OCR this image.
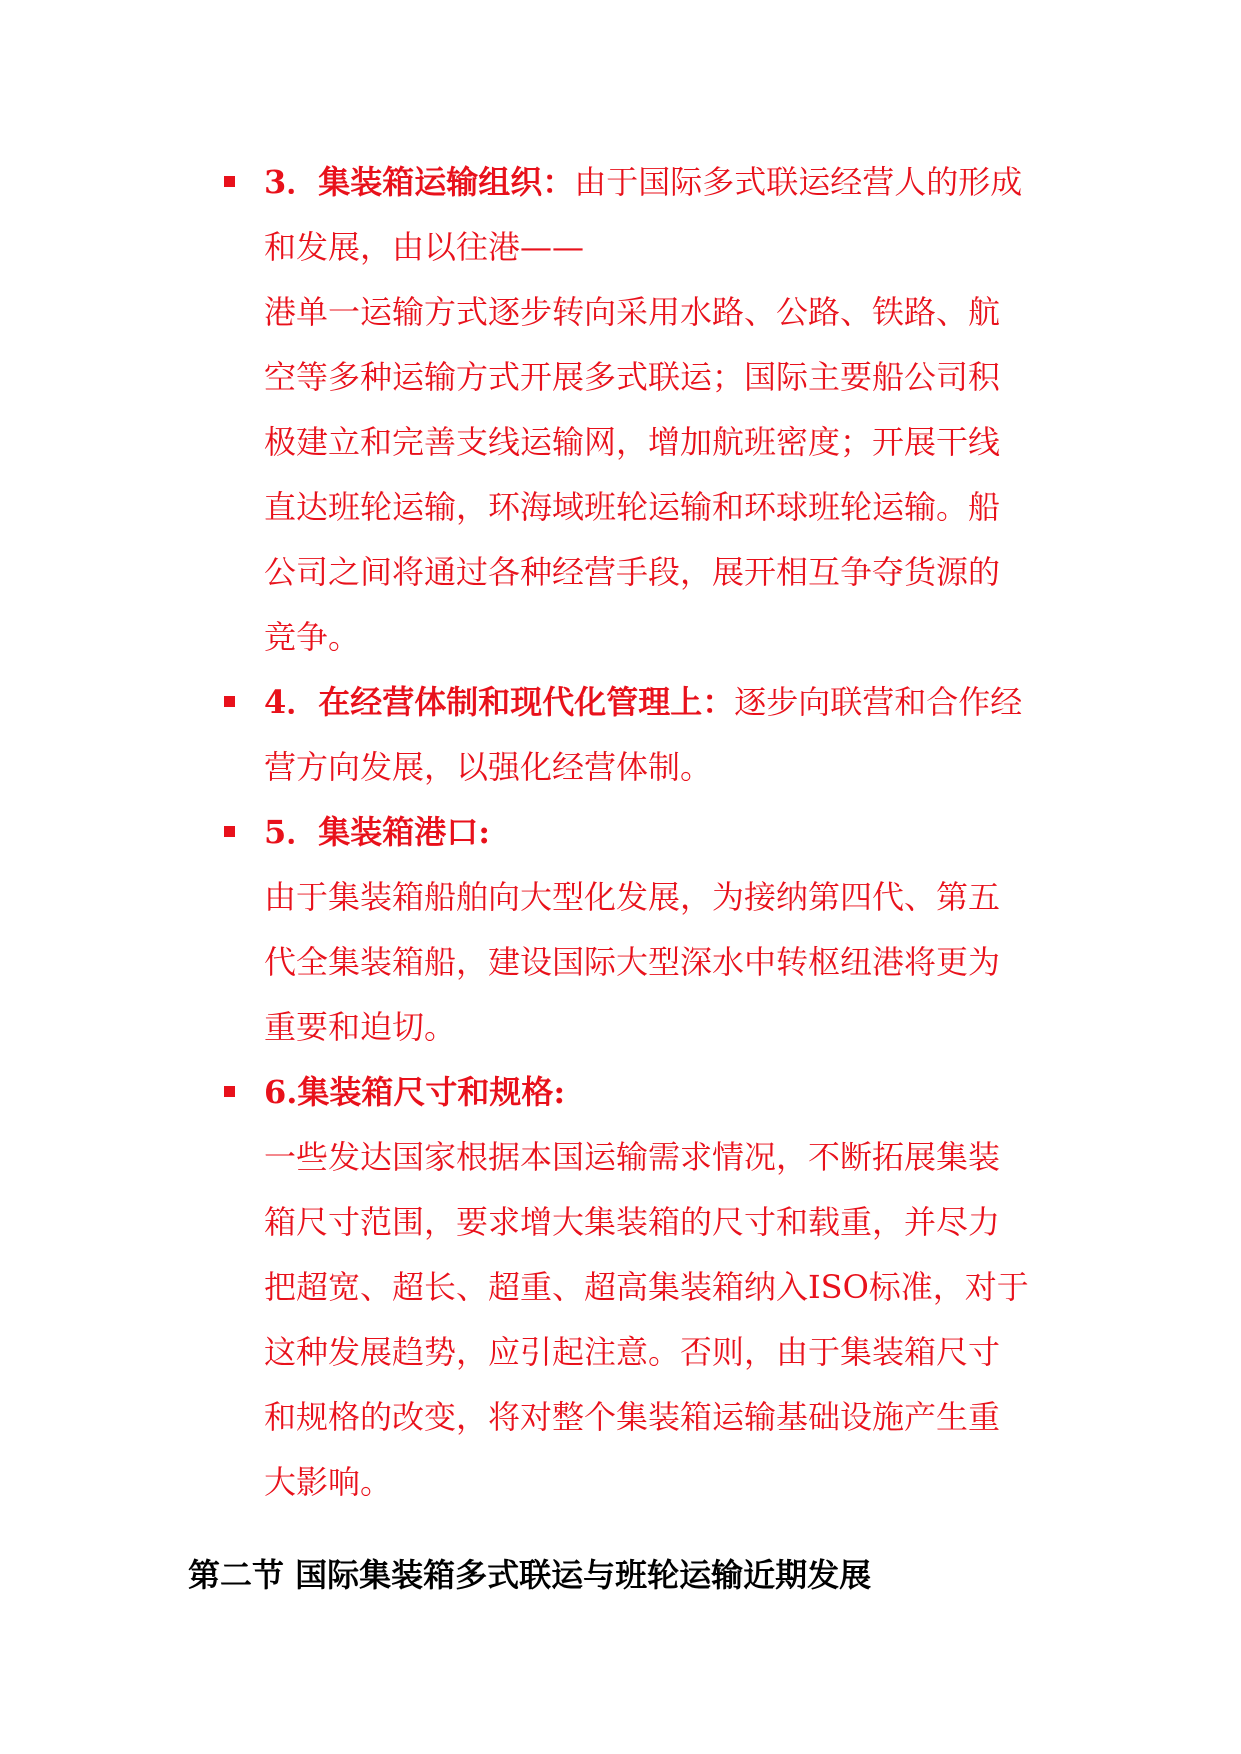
3．集装箱运输组织：由于国际多式联运经营人的形成
和发展，由以往港——
港单一运输方式逐步转向采用水路、公路、铁路、航
空等多种运输方式开展多式联运；国际主要船公司积
极建立和完善支线运输网，增加航班密度；开展干线
直达班轮运输，环海域班轮运输和环球班轮运输。船
公司之间将通过各种经营手段，展开相互争夺货源的
竞争。
4．在经营体制和现代化管理上：逐步向联营和合作经
营方向发展，以强化经营体制。
5．集装箱港口:
由于集装箱船舶向大型化发展，为接纳第四代、第五
代全集装箱船，建设国际大型深水中转枢纽港将更为
重要和迫切。
6.集装箱尺寸和规格:
一些发达国家根据本国运输需求情况，不断拓展集装
箱尺寸范围，要求增大集装箱的尺寸和载重，并尽力
把超宽、超长、超重、超高集装箱纳入ISO标准，对于
这种发展趋势，应引起注意。否则，由于集装箱尺寸
和规格的改变，将对整个集装箱运输基础设施产生重
大影响。
第二节 国际集装箱多式联运与班轮运输近期发展
